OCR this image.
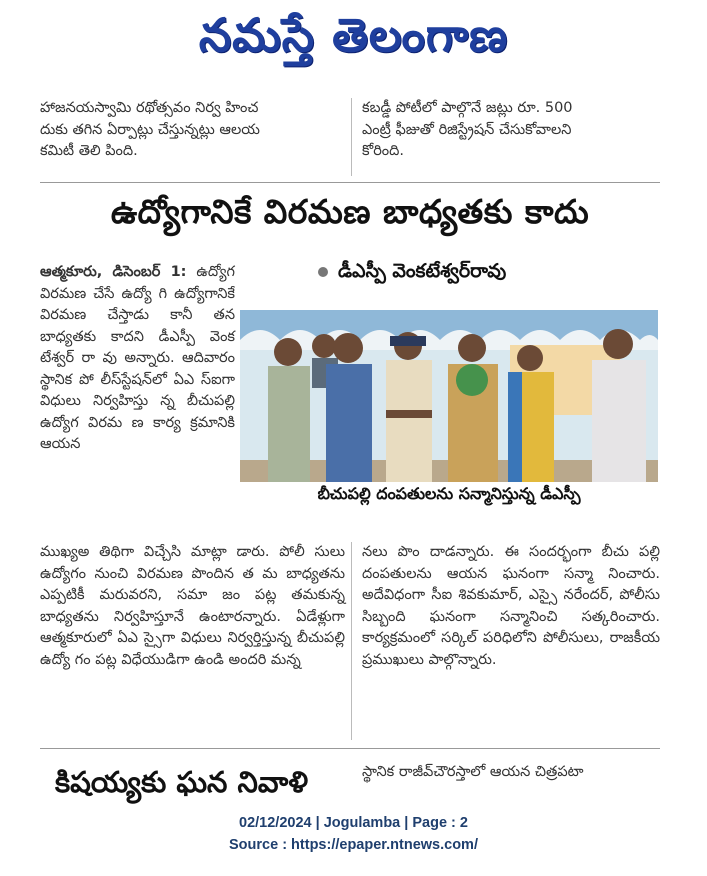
నమస్తే తెలంగాణ

హాజనయస్వామి రథోత్సవం నిర్వ హించ

దుకు తగిన ఏర్పాట్లు చేస్తున్నట్లు ఆలయ

కమిటీ తెలి పింది.

కబడ్డీ పోటీలో పాల్గొనే జట్లు రూ. 500

ఎంట్రీ ఫీజుతో రిజిస్ట్రేషన్ చేసుకోవాలని

కోరింది.

ఉద్యోగానికే విరమణ బాధ్యతకు కాదు
ఆత్మకూరు, డిసెంబర్ 1: ఉద్యోగ విరమణ చేసే ఉద్యో గి ఉద్యోగానికే విరమణ చేస్తాడు కానీ తన బాధ్యతకు కాదని డీఎస్పీ వెంక టేశ్వర్ రా వు అన్నారు. ఆదివారం స్థానిక పో లీస్‌స్టేషన్‌లో ఏఎ స్‌ఐగా విధులు నిర్వహిస్తు న్న బీచుపల్లి ఉద్యోగ విరమ ణ కార్య క్రమానికి ఆయన
డీఎస్పీ వెంకటేశ్వర్‌రావు
బీచుపల్లి దంపతులను సన్మానిస్తున్న డీఎస్పీ
ముఖ్యఅ తిథిగా విచ్చేసి మాట్లా డారు. పోలీ సులు ఉద్యోగం నుంచి విరమణ పొందిన త మ బాధ్యతను ఎప్పటికీ మరువరని, సమా జం పట్ల తమకున్న బాధ్యతను నిర్వహిస్తూనే ఉంటారన్నారు. ఏడేళ్లుగా ఆత్మకూరులో ఏఎ స్సైగా విధులు నిర్వర్తిస్తున్న బీచుపల్లి ఉద్యో గం పట్ల విధేయుడిగా ఉండి అందరి మన్న
నలు పొం దాడన్నారు. ఈ సందర్భంగా బీచు పల్లి దంపతులను ఆయన ఘనంగా సన్మా నించారు. అదేవిధంగా సీఐ శివకుమార్, ఎస్సై నరేందర్, పోలీసు సిబ్బంది ఘనంగా సన్మానించి సత్కరించారు. కార్యక్రమంలో సర్కిల్ పరిధిలోని పోలీసులు, రాజకీయ ప్రముఖులు పాల్గొన్నారు.
కిషయ్యకు ఘన నివాళి	స్థానిక రాజీవ్‌చౌరస్తాలో ఆయన చిత్రపటా
02/12/2024 | Jogulamba | Page : 2
Source : https://epaper.ntnews.com/
